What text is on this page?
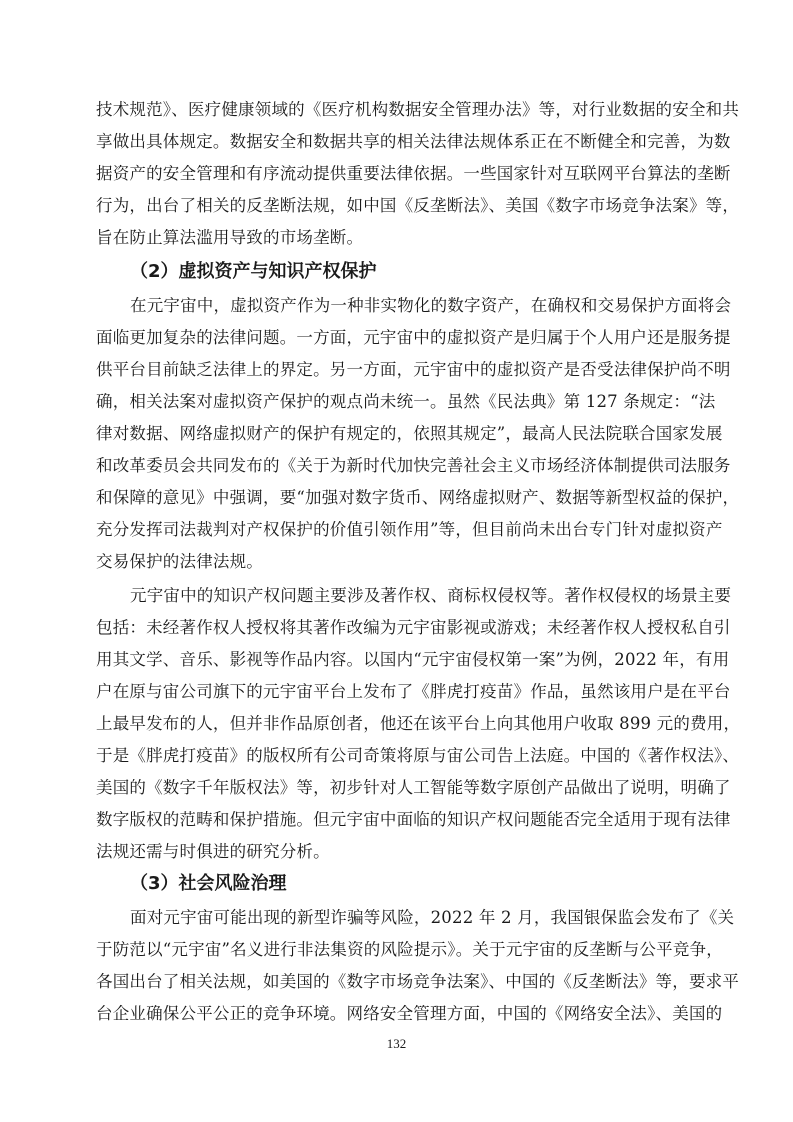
技术规范》、医疗健康领域的《医疗机构数据安全管理办法》等，对行业数据的安全和共
享做出具体规定。数据安全和数据共享的相关法律法规体系正在不断健全和完善，为数
据资产的安全管理和有序流动提供重要法律依据。一些国家针对互联网平台算法的垄断
行为，出台了相关的反垄断法规，如中国《反垄断法》、美国《数字市场竞争法案》等，
旨在防止算法滥用导致的市场垄断。
（2）虚拟资产与知识产权保护
在元宇宙中，虚拟资产作为一种非实物化的数字资产，在确权和交易保护方面将会
面临更加复杂的法律问题。一方面，元宇宙中的虚拟资产是归属于个人用户还是服务提
供平台目前缺乏法律上的界定。另一方面，元宇宙中的虚拟资产是否受法律保护尚不明
确，相关法案对虚拟资产保护的观点尚未统一。虽然《民法典》第 127 条规定：“法
律对数据、网络虚拟财产的保护有规定的，依照其规定”，最高人民法院联合国家发展
和改革委员会共同发布的《关于为新时代加快完善社会主义市场经济体制提供司法服务
和保障的意见》中强调，要“加强对数字货币、网络虚拟财产、数据等新型权益的保护，
充分发挥司法裁判对产权保护的价值引领作用”等，但目前尚未出台专门针对虚拟资产
交易保护的法律法规。
元宇宙中的知识产权问题主要涉及著作权、商标权侵权等。著作权侵权的场景主要
包括：未经著作权人授权将其著作改编为元宇宙影视或游戏；未经著作权人授权私自引
用其文学、音乐、影视等作品内容。以国内“元宇宙侵权第一案”为例，2022 年，有用
户在原与宙公司旗下的元宇宙平台上发布了《胖虎打疫苗》作品，虽然该用户是在平台
上最早发布的人，但并非作品原创者，他还在该平台上向其他用户收取 899 元的费用，
于是《胖虎打疫苗》的版权所有公司奇策将原与宙公司告上法庭。中国的《著作权法》、
美国的《数字千年版权法》等，初步针对人工智能等数字原创产品做出了说明，明确了
数字版权的范畴和保护措施。但元宇宙中面临的知识产权问题能否完全适用于现有法律
法规还需与时俱进的研究分析。
（3）社会风险治理
面对元宇宙可能出现的新型诈骗等风险，2022 年 2 月，我国银保监会发布了《关
于防范以“元宇宙”名义进行非法集资的风险提示》。关于元宇宙的反垄断与公平竞争，
各国出台了相关法规，如美国的《数字市场竞争法案》、中国的《反垄断法》等，要求平
台企业确保公平公正的竞争环境。网络安全管理方面，中国的《网络安全法》、美国的
132
